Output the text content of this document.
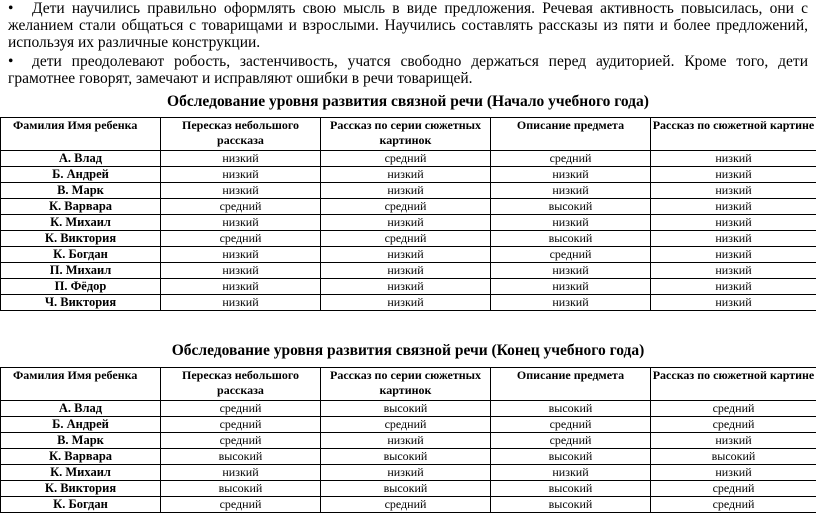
• Дети научились правильно оформлять свою мысль в виде предложения. Речевая активность повысилась, они с желанием стали общаться с товарищами и взрослыми. Научились составлять рассказы из пяти и более предложений, используя их различные конструкции.
• дети преодолевают робость, застенчивость, учатся свободно держаться перед аудиторией. Кроме того, дети грамотнее говорят, замечают и исправляют ошибки в речи товарищей.
Обследование уровня развития связной речи (Начало учебного года)
Фамилия Имя ребенка	Пересказ небольшого рассказа	Рассказ по серии сюжетных картинок	Описание предмета	Рассказ по сюжетной картине
А. Влад	низкий	средний	средний	низкий
Б. Андрей	низкий	низкий	низкий	низкий
В. Марк	низкий	низкий	низкий	низкий
К. Варвара	средний	средний	высокий	низкий
К. Михаил	низкий	низкий	низкий	низкий
К. Виктория	средний	средний	высокий	низкий
К. Богдан	низкий	низкий	средний	низкий
П. Михаил	низкий	низкий	низкий	низкий
П. Фёдор	низкий	низкий	низкий	низкий
Ч. Виктория	низкий	низкий	низкий	низкий
Обследование уровня развития связной речи (Конец учебного года)
Фамилия Имя ребенка	Пересказ небольшого рассказа	Рассказ по серии сюжетных картинок	Описание предмета	Рассказ по сюжетной картине
А. Влад	средний	высокий	высокий	средний
Б. Андрей	средний	средний	средний	средний
В. Марк	средний	низкий	средний	низкий
К. Варвара	высокий	высокий	высокий	высокий
К. Михаил	низкий	низкий	низкий	низкий
К. Виктория	высокий	высокий	высокий	средний
К. Богдан	средний	средний	высокий	средний
